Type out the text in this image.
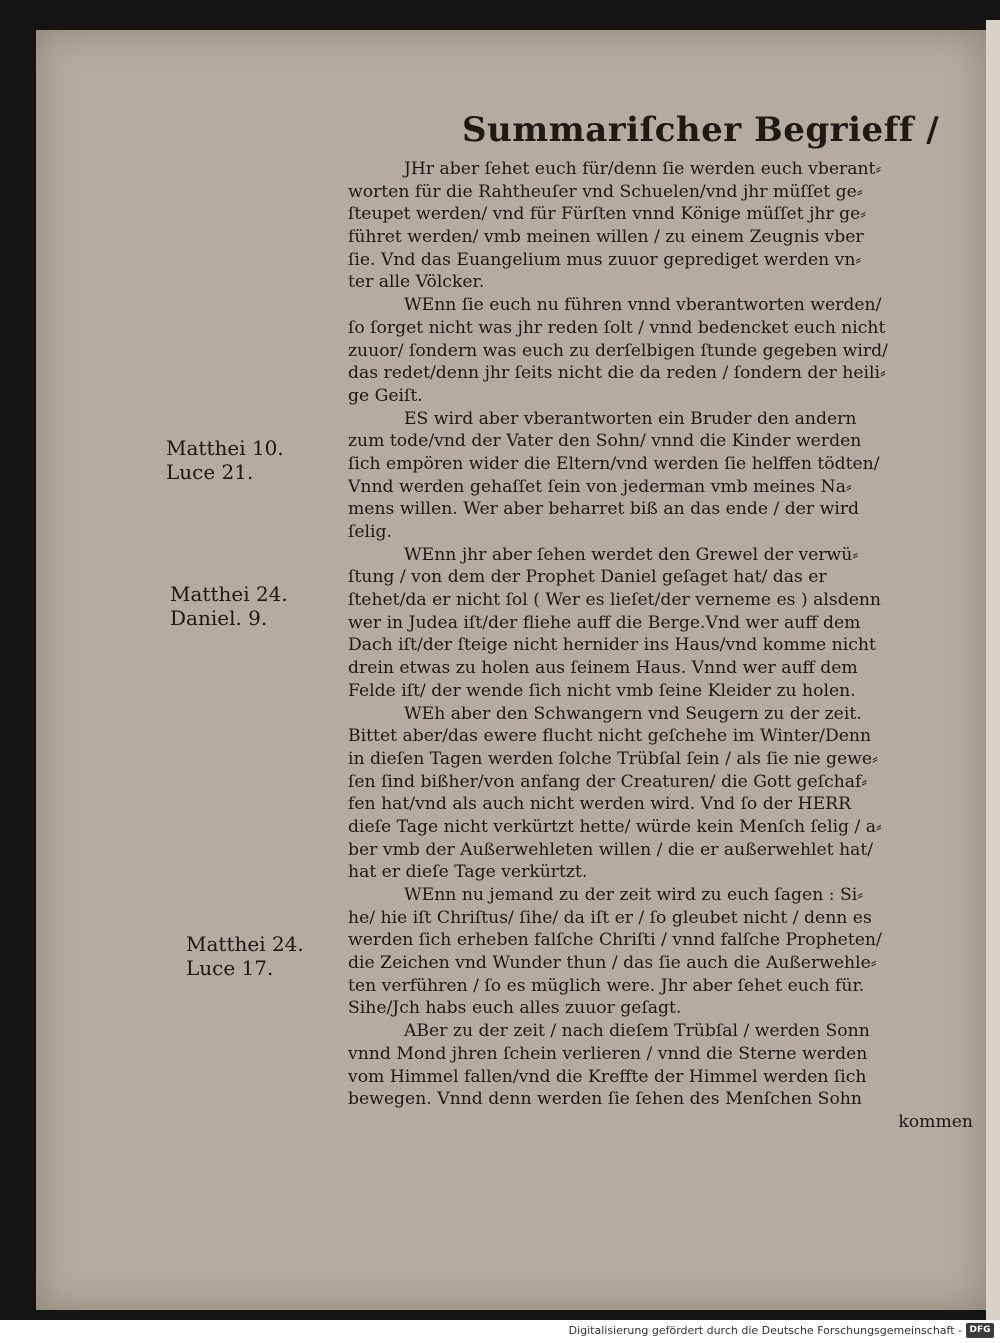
Summariſcher Begrieff /
JHr aber ſehet euch für/denn ſie werden euch vberant⸗
worten für die Rahtheuſer vnd Schuelen/vnd jhr müſſet ge⸗
ſteupet werden/ vnd für Fürſten vnnd Könige müſſet jhr ge⸗
führet werden/ vmb meinen willen / zu einem Zeugnis vber
ſie. Vnd das Euangelium mus zuuor geprediget werden vn⸗
ter alle Völcker.
WEnn ſie euch nu führen vnnd vberantworten werden/
ſo ſorget nicht was jhr reden ſolt / vnnd bedencket euch nicht
zuuor/ ſondern was euch zu derſelbigen ſtunde gegeben wird/
das redet/denn jhr ſeits nicht die da reden / ſondern der heili⸗
ge Geiſt.
ES wird aber vberantworten ein Bruder den andern
zum tode/vnd der Vater den Sohn/ vnnd die Kinder werden
ſich empören wider die Eltern/vnd werden ſie helffen tödten/
Vnnd werden gehaſſet ſein von jederman vmb meines Na⸗
mens willen. Wer aber beharret biß an das ende / der wird
ſelig.
WEnn jhr aber ſehen werdet den Grewel der verwü⸗
ſtung / von dem der Prophet Daniel geſaget hat/ das er
ſtehet/da er nicht ſol ( Wer es lieſet/der verneme es ) alsdenn
wer in Judea iſt/der fliehe auff die Berge.Vnd wer auff dem
Dach iſt/der ſteige nicht hernider ins Haus/vnd komme nicht
drein etwas zu holen aus ſeinem Haus. Vnnd wer auff dem
Felde iſt/ der wende ſich nicht vmb ſeine Kleider zu holen.
WEh aber den Schwangern vnd Seugern zu der zeit.
Bittet aber/das ewere flucht nicht geſchehe im Winter/Denn
in dieſen Tagen werden ſolche Trübſal ſein / als ſie nie gewe⸗
ſen ſind bißher/von anfang der Creaturen/ die Gott geſchaf⸗
fen hat/vnd als auch nicht werden wird. Vnd ſo der HERR
dieſe Tage nicht verkürtzt hette/ würde kein Menſch ſelig / a⸗
ber vmb der Außerwehleten willen / die er außerwehlet hat/
hat er dieſe Tage verkürtzt.
WEnn nu jemand zu der zeit wird zu euch ſagen : Si⸗
he/ hie iſt Chriſtus/ ſihe/ da iſt er / ſo gleubet nicht / denn es
werden ſich erheben falſche Chriſti / vnnd falſche Propheten/
die Zeichen vnd Wunder thun / das ſie auch die Außerwehle⸗
ten verführen / ſo es müglich were. Jhr aber ſehet euch für.
Sihe/Jch habs euch alles zuuor geſagt.
ABer zu der zeit / nach dieſem Trübſal / werden Sonn
vnnd Mond jhren ſchein verlieren / vnnd die Sterne werden
vom Himmel fallen/vnd die Kreffte der Himmel werden ſich
bewegen. Vnnd denn werden ſie ſehen des Menſchen Sohn
kommen
Matthei 10.
Luce 21.
Matthei 24.
Daniel. 9.
Matthei 24.
Luce 17.
Digitalisierung gefördert durch die Deutsche Forschungsgemeinschaft - DFG
